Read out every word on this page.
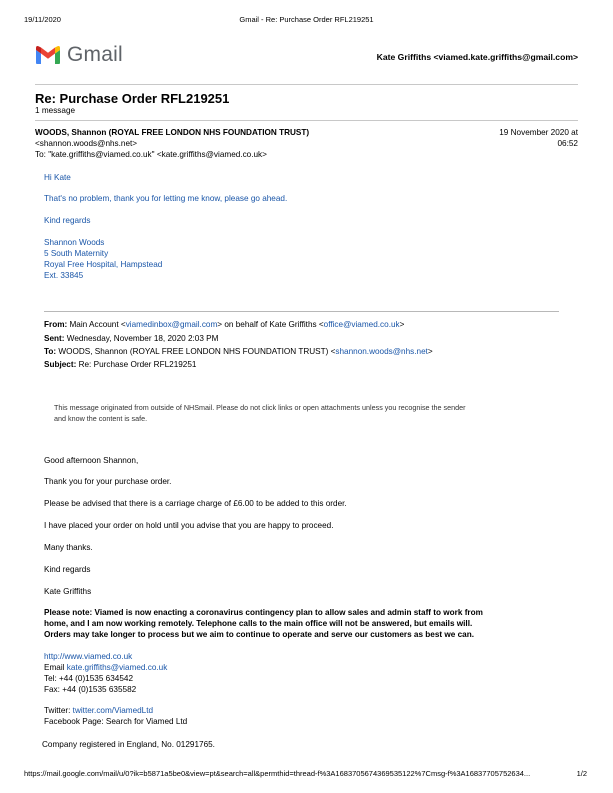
19/11/2020	Gmail - Re: Purchase Order RFL219251
Gmail	Kate Griffiths <viamed.kate.griffiths@gmail.com>
Re: Purchase Order RFL219251
1 message
WOODS, Shannon (ROYAL FREE LONDON NHS FOUNDATION TRUST)
<shannon.woods@nhs.net>
To: "kate.griffiths@viamed.co.uk" <kate.griffiths@viamed.co.uk>
19 November 2020 at
06:52
Hi Kate
That's no problem, thank you for letting me know, please go ahead.
Kind regards
Shannon Woods
5 South Maternity
Royal Free Hospital, Hampstead
Ext. 33845
From: Main Account <viamedinbox@gmail.com> on behalf of Kate Griffiths <office@viamed.co.uk>
Sent: Wednesday, November 18, 2020 2:03 PM
To: WOODS, Shannon (ROYAL FREE LONDON NHS FOUNDATION TRUST) <shannon.woods@nhs.net>
Subject: Re: Purchase Order RFL219251
This message originated from outside of NHSmail. Please do not click links or open attachments unless you recognise the sender
and know the content is safe.
Good afternoon Shannon,
Thank you for your purchase order.
Please be advised that there is a carriage charge of £6.00 to be added to this order.
I have placed your order on hold until you advise that you are happy to proceed.
Many thanks.
Kind regards
Kate Griffiths
Please note: Viamed is now enacting a coronavirus contingency plan to allow sales and admin staff to work from
home, and I am now working remotely. Telephone calls to the main office will not be answered, but emails will.
Orders may take longer to process but we aim to continue to operate and serve our customers as best we can.
http://www.viamed.co.uk
Email kate.griffiths@viamed.co.uk
Tel: +44 (0)1535 634542
Fax: +44 (0)1535 635582
Twitter: twitter.com/ViamedLtd
Facebook Page: Search for Viamed Ltd
Company registered in England, No. 01291765.
https://mail.google.com/mail/u/0?ik=b5871a5be0&view=pt&search=all&permthid=thread-f%3A1683705674369535122%7Cmsg-f%3A16837705752634...	1/2
